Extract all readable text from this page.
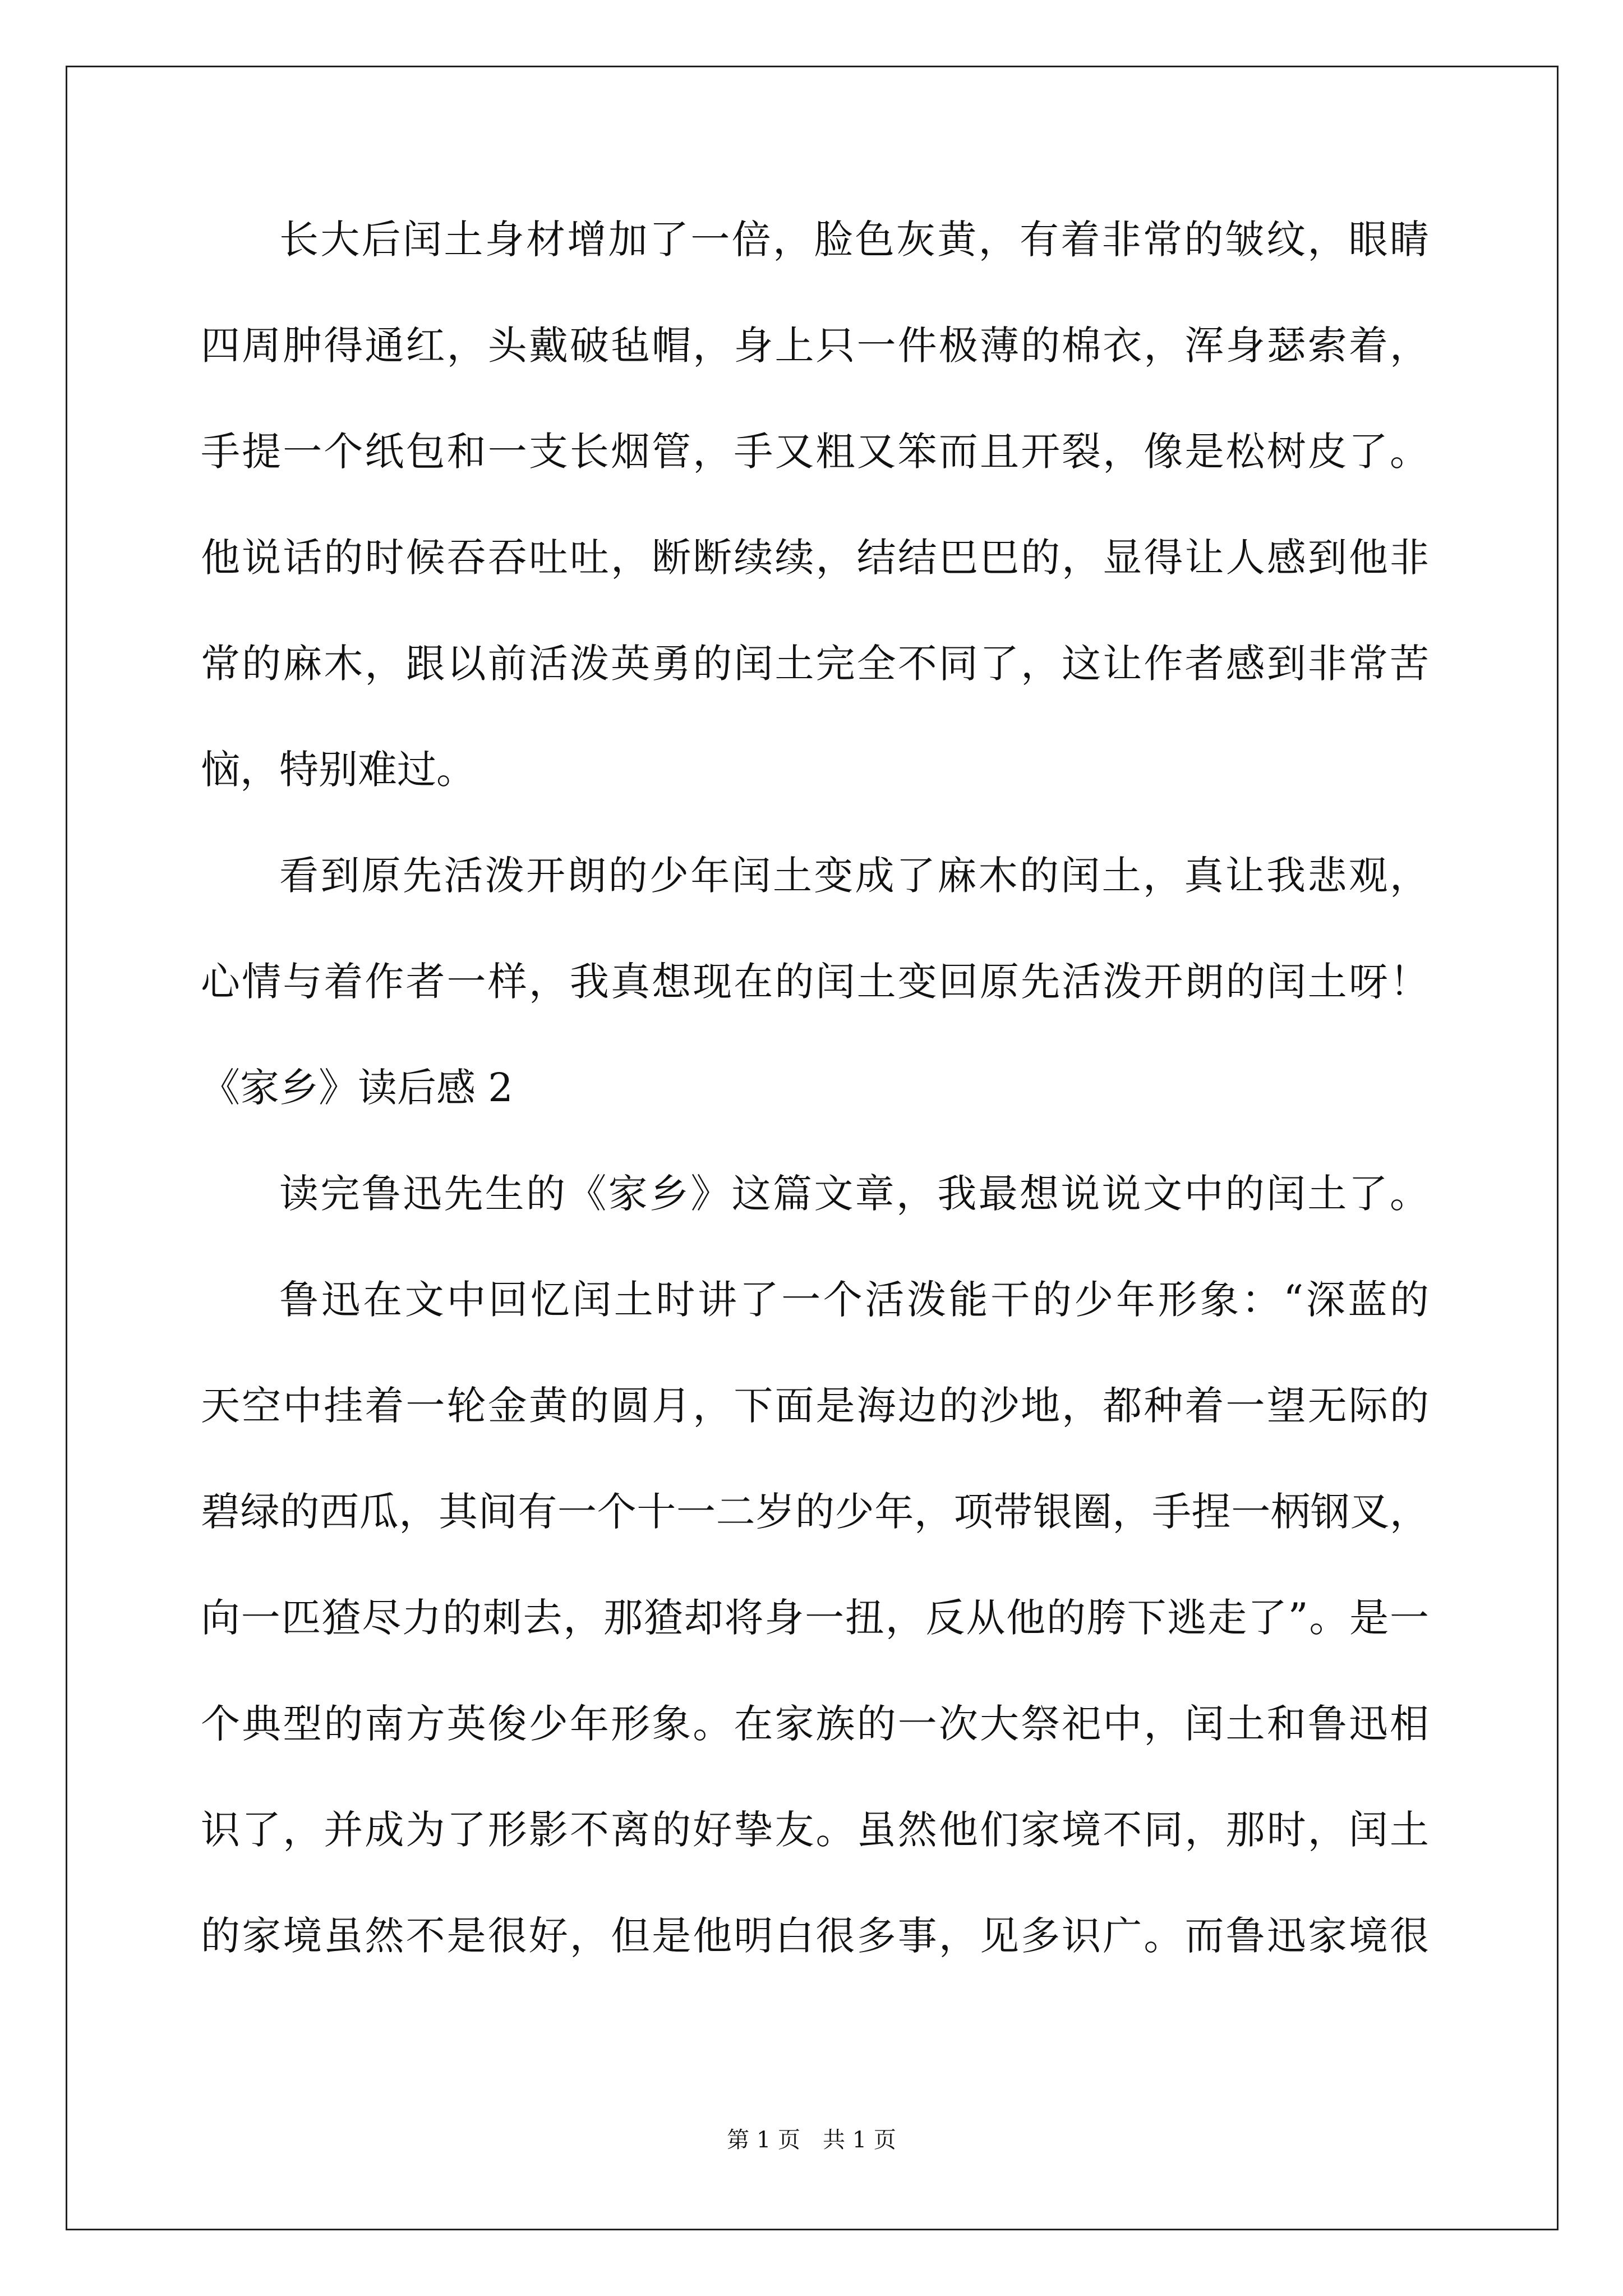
长大后闰土身材增加了一倍，脸色灰黄，有着非常的皱纹，眼睛
四周肿得通红，头戴破毡帽，身上只一件极薄的棉衣，浑身瑟索着，
手提一个纸包和一支长烟管，手又粗又笨而且开裂，像是松树皮了。
他说话的时候吞吞吐吐，断断续续，结结巴巴的，显得让人感到他非
常的麻木，跟以前活泼英勇的闰土完全不同了，这让作者感到非常苦
恼，特别难过。
看到原先活泼开朗的少年闰土变成了麻木的闰土，真让我悲观，
心情与着作者一样，我真想现在的闰土变回原先活泼开朗的闰土呀！
《家乡》读后感 2
读完鲁迅先生的《家乡》这篇文章，我最想说说文中的闰土了。
鲁迅在文中回忆闰土时讲了一个活泼能干的少年形象：“深蓝的
天空中挂着一轮金黄的圆月，下面是海边的沙地，都种着一望无际的
碧绿的西瓜，其间有一个十一二岁的少年，项带银圈，手捏一柄钢叉，
向一匹猹尽力的刺去，那猹却将身一扭，反从他的胯下逃走了”。是一
个典型的南方英俊少年形象。在家族的一次大祭祀中，闰土和鲁迅相
识了，并成为了形影不离的好挚友。虽然他们家境不同，那时，闰土
的家境虽然不是很好，但是他明白很多事，见多识广。而鲁迅家境很
第 1 页　共 1 页
